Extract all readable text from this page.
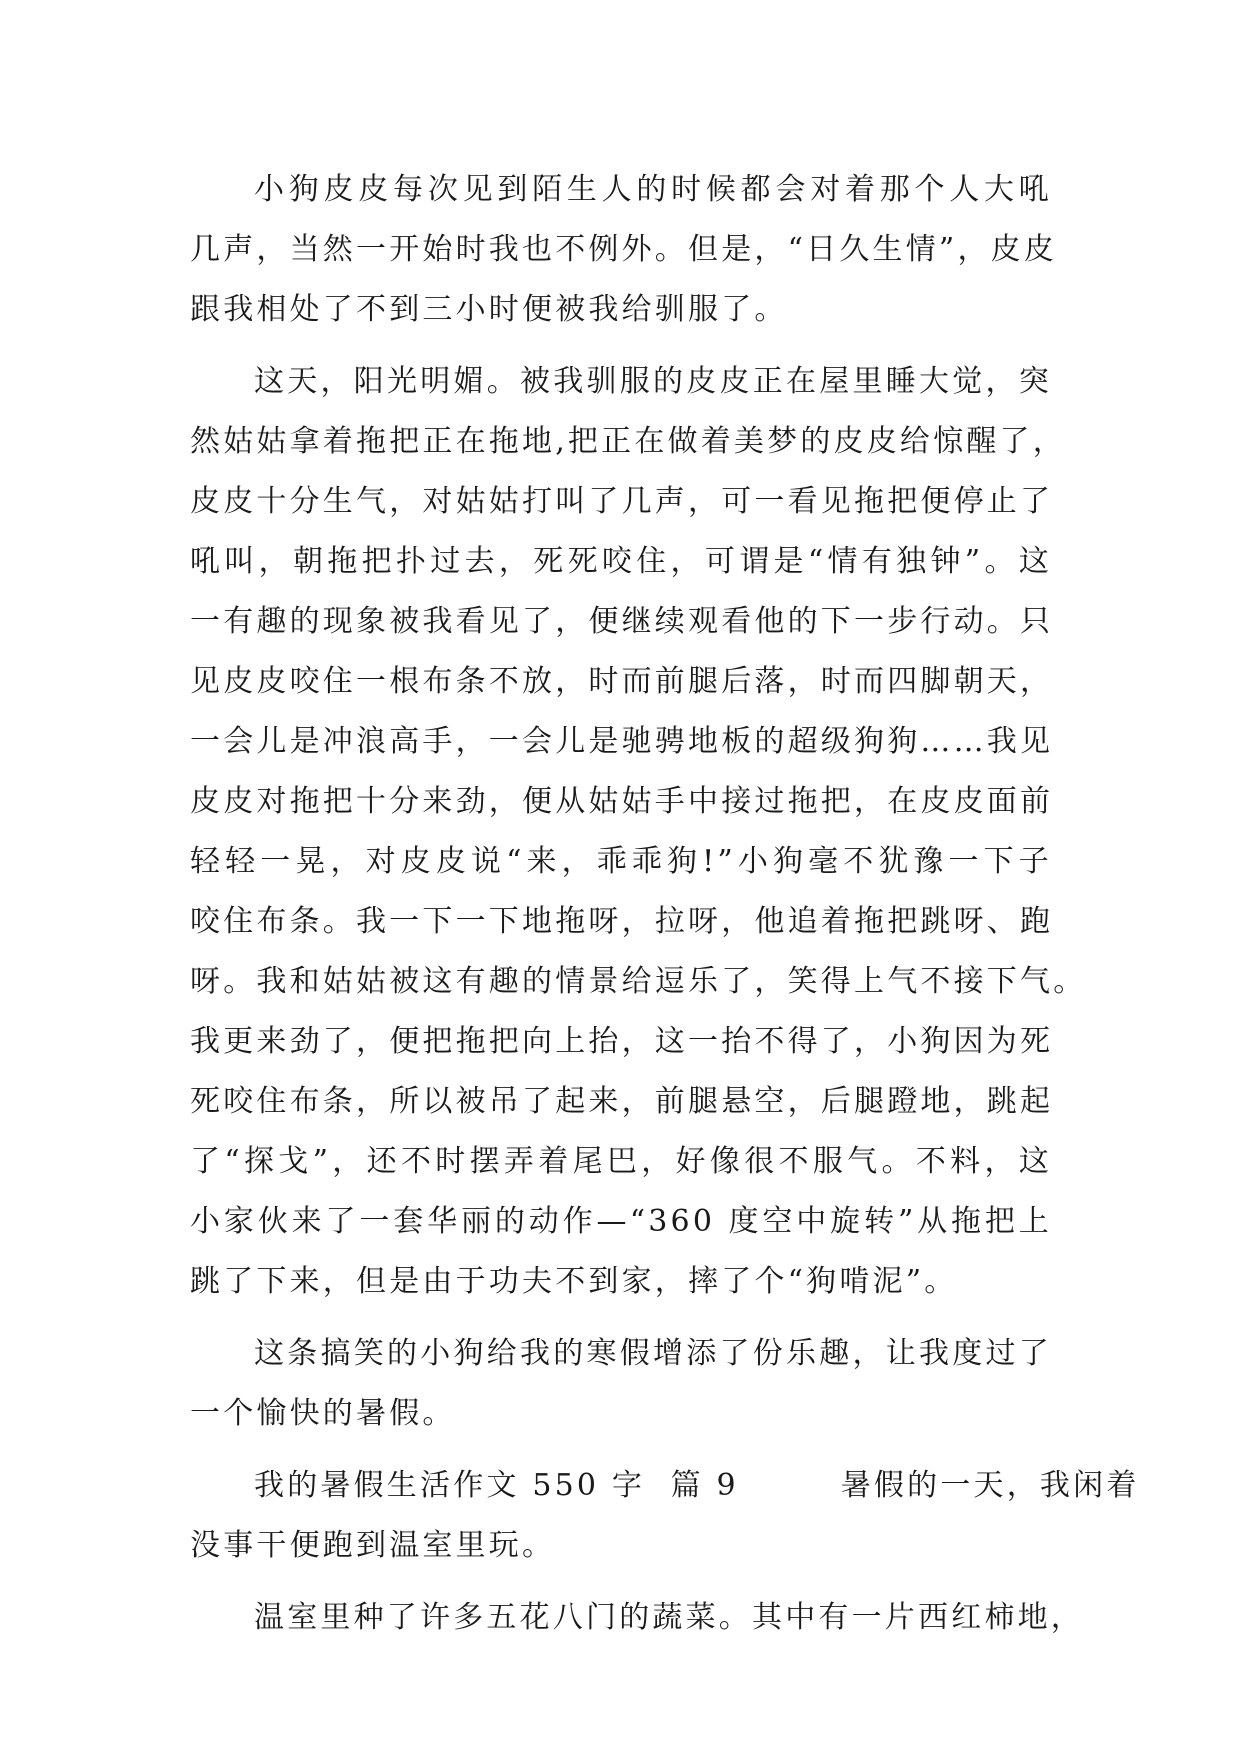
小狗皮皮每次见到陌生人的时候都会对着那个人大吼
几声，当然一开始时我也不例外。但是，“日久生情”，皮皮
跟我相处了不到三小时便被我给驯服了。
这天，阳光明媚。被我驯服的皮皮正在屋里睡大觉，突
然姑姑拿着拖把正在拖地,把正在做着美梦的皮皮给惊醒了，
皮皮十分生气，对姑姑打叫了几声，可一看见拖把便停止了
吼叫，朝拖把扑过去，死死咬住，可谓是“情有独钟”。这
一有趣的现象被我看见了，便继续观看他的下一步行动。只
见皮皮咬住一根布条不放，时而前腿后落，时而四脚朝天，
一会儿是冲浪高手，一会儿是驰骋地板的超级狗狗……我见
皮皮对拖把十分来劲，便从姑姑手中接过拖把，在皮皮面前
轻轻一晃，对皮皮说“来，乖乖狗!”小狗毫不犹豫一下子
咬住布条。我一下一下地拖呀，拉呀，他追着拖把跳呀、跑
呀。我和姑姑被这有趣的情景给逗乐了，笑得上气不接下气。
我更来劲了，便把拖把向上抬，这一抬不得了，小狗因为死
死咬住布条，所以被吊了起来，前腿悬空，后腿蹬地，跳起
了“探戈”，还不时摆弄着尾巴，好像很不服气。不料，这
小家伙来了一套华丽的动作—“360 度空中旋转”从拖把上
跳了下来，但是由于功夫不到家，摔了个“狗啃泥”。
这条搞笑的小狗给我的寒假增添了份乐趣，让我度过了
一个愉快的暑假。
我的暑假生活作文 550 字  篇 9        暑假的一天，我闲着
没事干便跑到温室里玩。
温室里种了许多五花八门的蔬菜。其中有一片西红柿地，
